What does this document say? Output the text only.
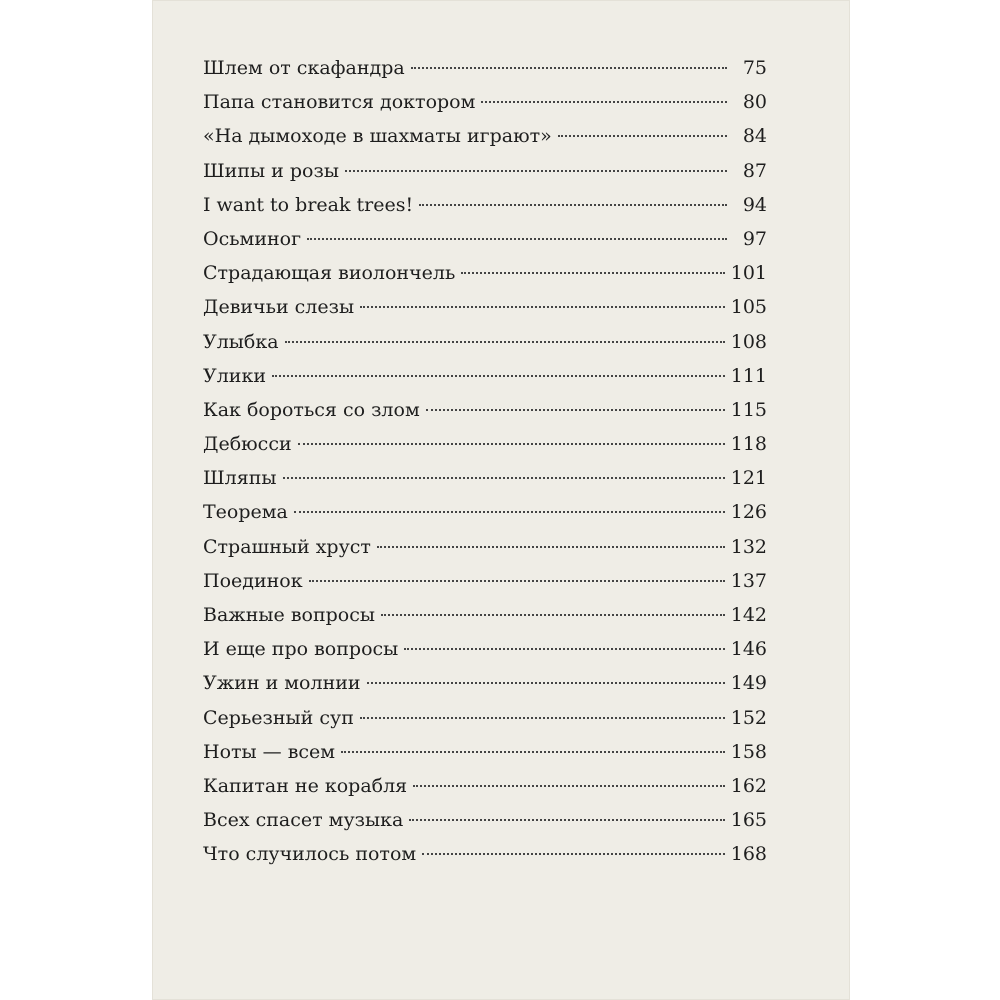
Шлем от скафандра	75
Папа становится доктором	80
«На дымоходе в шахматы играют»	84
Шипы и розы	87
I want to break trees!	94
Осьминог	97
Страдающая виолончель	101
Девичьи слезы	105
Улыбка	108
Улики	111
Как бороться со злом	115
Дебюсси	118
Шляпы	121
Теорема	126
Страшный хруст	132
Поединок	137
Важные вопросы	142
И еще про вопросы	146
Ужин и молнии	149
Серьезный суп	152
Ноты — всем	158
Капитан не корабля	162
Всех спасет музыка	165
Что случилось потом	168
